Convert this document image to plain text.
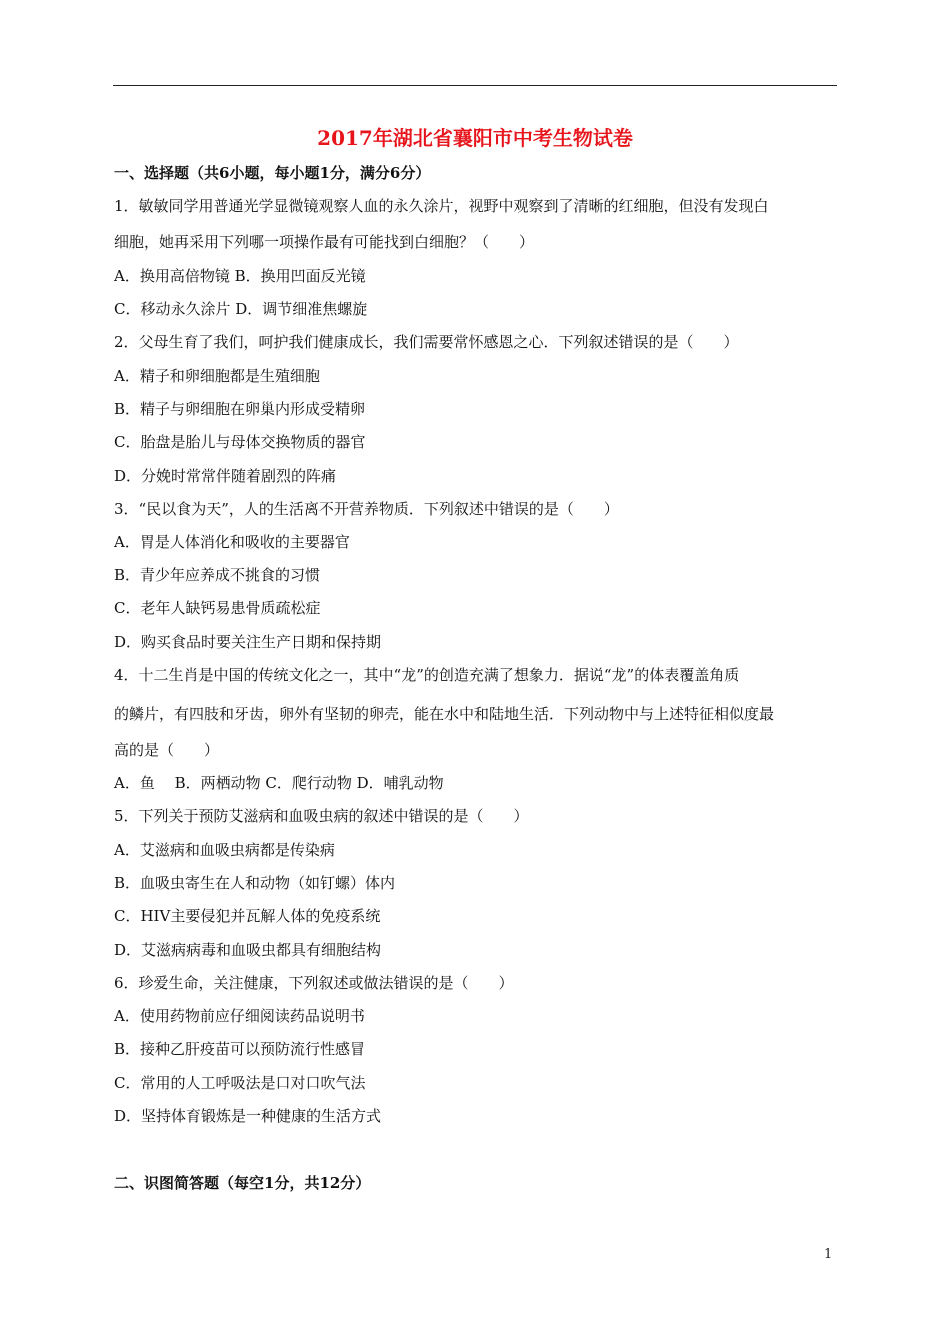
2017年湖北省襄阳市中考生物试卷
一、选择题（共6小题，每小题1分，满分6分）
1．敏敏同学用普通光学显微镜观察人血的永久涂片，视野中观察到了清晰的红细胞，但没有发现白
细胞，她再采用下列哪一项操作最有可能找到白细胞？（　　）
A．换用高倍物镜 B．换用凹面反光镜
C．移动永久涂片 D．调节细准焦螺旋
2．父母生育了我们，呵护我们健康成长，我们需要常怀感恩之心．下列叙述错误的是（　　）
A．精子和卵细胞都是生殖细胞
B．精子与卵细胞在卵巢内形成受精卵
C．胎盘是胎儿与母体交换物质的器官
D．分娩时常常伴随着剧烈的阵痛
3．“民以食为天”，人的生活离不开营养物质．下列叙述中错误的是（　　）
A．胃是人体消化和吸收的主要器官
B．青少年应养成不挑食的习惯
C．老年人缺钙易患骨质疏松症
D．购买食品时要关注生产日期和保持期
4．十二生肖是中国的传统文化之一，其中“龙”的创造充满了想象力．据说“龙”的体表覆盖角质
的鳞片，有四肢和牙齿，卵外有坚韧的卵壳，能在水中和陆地生活．下列动物中与上述特征相似度最
高的是（　　）
A．鱼　 B．两栖动物 C．爬行动物 D．哺乳动物
5．下列关于预防艾滋病和血吸虫病的叙述中错误的是（　　）
A．艾滋病和血吸虫病都是传染病
B．血吸虫寄生在人和动物（如钉螺）体内
C．HIV主要侵犯并瓦解人体的免疫系统
D．艾滋病病毒和血吸虫都具有细胞结构
6．珍爱生命，关注健康，下列叙述或做法错误的是（　　）
A．使用药物前应仔细阅读药品说明书
B．接种乙肝疫苗可以预防流行性感冒
C．常用的人工呼吸法是口对口吹气法
D．坚持体育锻炼是一种健康的生活方式
二、识图简答题（每空1分，共12分）
1
